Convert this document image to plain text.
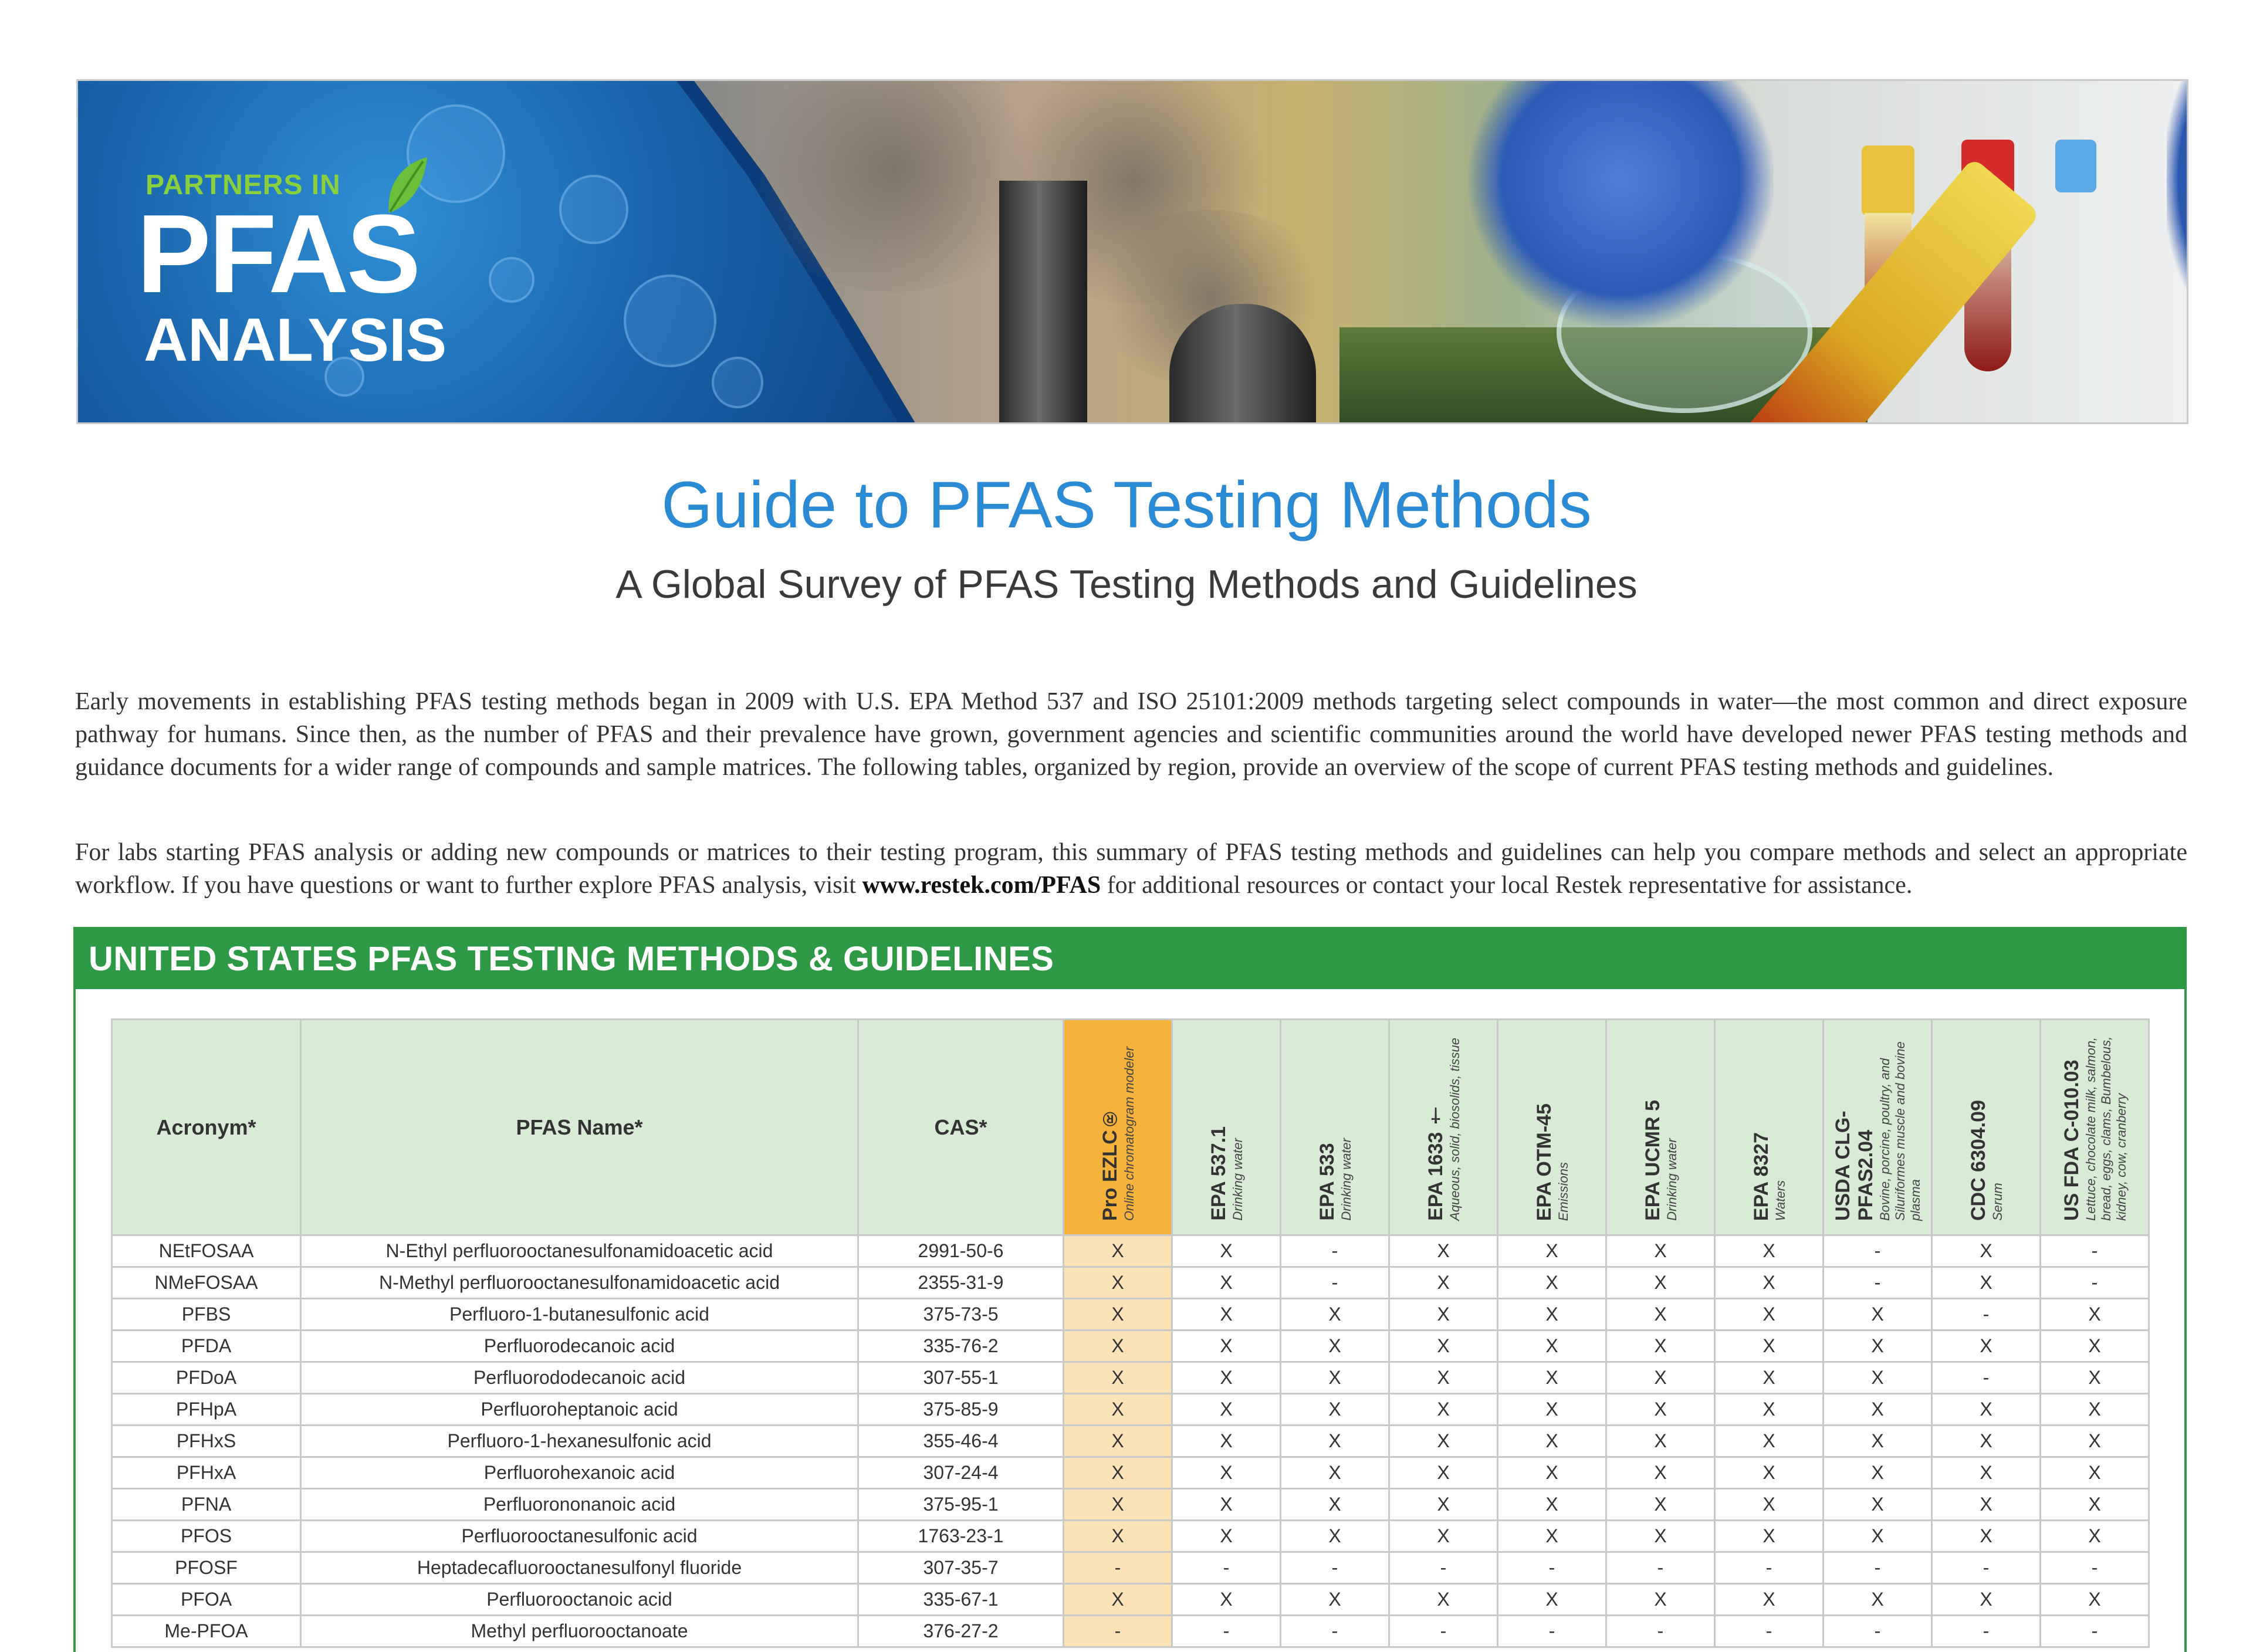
PARTNERS IN
PFAS
ANALYSIS
Guide to PFAS Testing Methods
A Global Survey of PFAS Testing Methods and Guidelines

Early movements in establishing PFAS testing methods began in 2009 with U.S. EPA Method 537 and ISO 25101:2009 methods targeting select compounds in water—the most common and direct exposure pathway for humans. Since then, as the number of PFAS and their prevalence have grown, government agencies and scientific communities around the world have developed newer PFAS testing methods and guidance documents for a wider range of compounds and sample matrices. The following tables, organized by region, provide an overview of the scope of current PFAS testing methods and guidelines.

For labs starting PFAS analysis or adding new compounds or matrices to their testing program, this summary of PFAS testing methods and guidelines can help you compare methods and select an appropriate workflow. If you have questions or want to further explore PFAS analysis, visit www.restek.com/PFAS for additional resources or contact your local Restek representative for assistance.

UNITED STATES PFAS TESTING METHODS & GUIDELINES
Acronym*	PFAS Name*	CAS*	Pro EZLC® Online chromatogram modeler	EPA 537.1 Drinking water	EPA 533 Drinking water	EPA 1633 † Aqueous, solid, biosolids, tissue	EPA OTM-45 Emissions	EPA UCMR 5 Drinking water	EPA 8327 Waters	USDA CLG-PFAS2.04 Bovine, porcine, poultry, and Siluriformes muscle and bovine plasma	CDC 6304.09 Serum	US FDA C-010.03 Lettuce, chocolate milk, salmon, bread, eggs, clams, Bumbelous, kidney, cow, cranberry

NEtFOSAA	N-Ethyl perfluorooctanesulfonamidoacetic acid	2991-50-6	X	X	-	X	X	X	X	-	X	-
NMeFOSAA	N-Methyl perfluorooctanesulfonamidoacetic acid	2355-31-9	X	X	-	X	X	X	X	-	X	-
PFBS	Perfluoro-1-butanesulfonic acid	375-73-5	X	X	X	X	X	X	X	X	-	X
PFDA	Perfluorodecanoic acid	335-76-2	X	X	X	X	X	X	X	X	X	X
PFDoA	Perfluorododecanoic acid	307-55-1	X	X	X	X	X	X	X	X	-	X
PFHpA	Perfluoroheptanoic acid	375-85-9	X	X	X	X	X	X	X	X	X	X
PFHxS	Perfluoro-1-hexanesulfonic acid	355-46-4	X	X	X	X	X	X	X	X	X	X
PFHxA	Perfluorohexanoic acid	307-24-4	X	X	X	X	X	X	X	X	X	X
PFNA	Perfluorononanoic acid	375-95-1	X	X	X	X	X	X	X	X	X	X
PFOS	Perfluorooctanesulfonic acid	1763-23-1	X	X	X	X	X	X	X	X	X	X
PFOSF	Heptadecafluorooctanesulfonyl fluoride	307-35-7	-	-	-	-	-	-	-	-	-	-
PFOA	Perfluorooctanoic acid	335-67-1	X	X	X	X	X	X	X	X	X	X
Me-PFOA	Methyl perfluorooctanoate	376-27-2	-	-	-	-	-	-	-	-	-	-
